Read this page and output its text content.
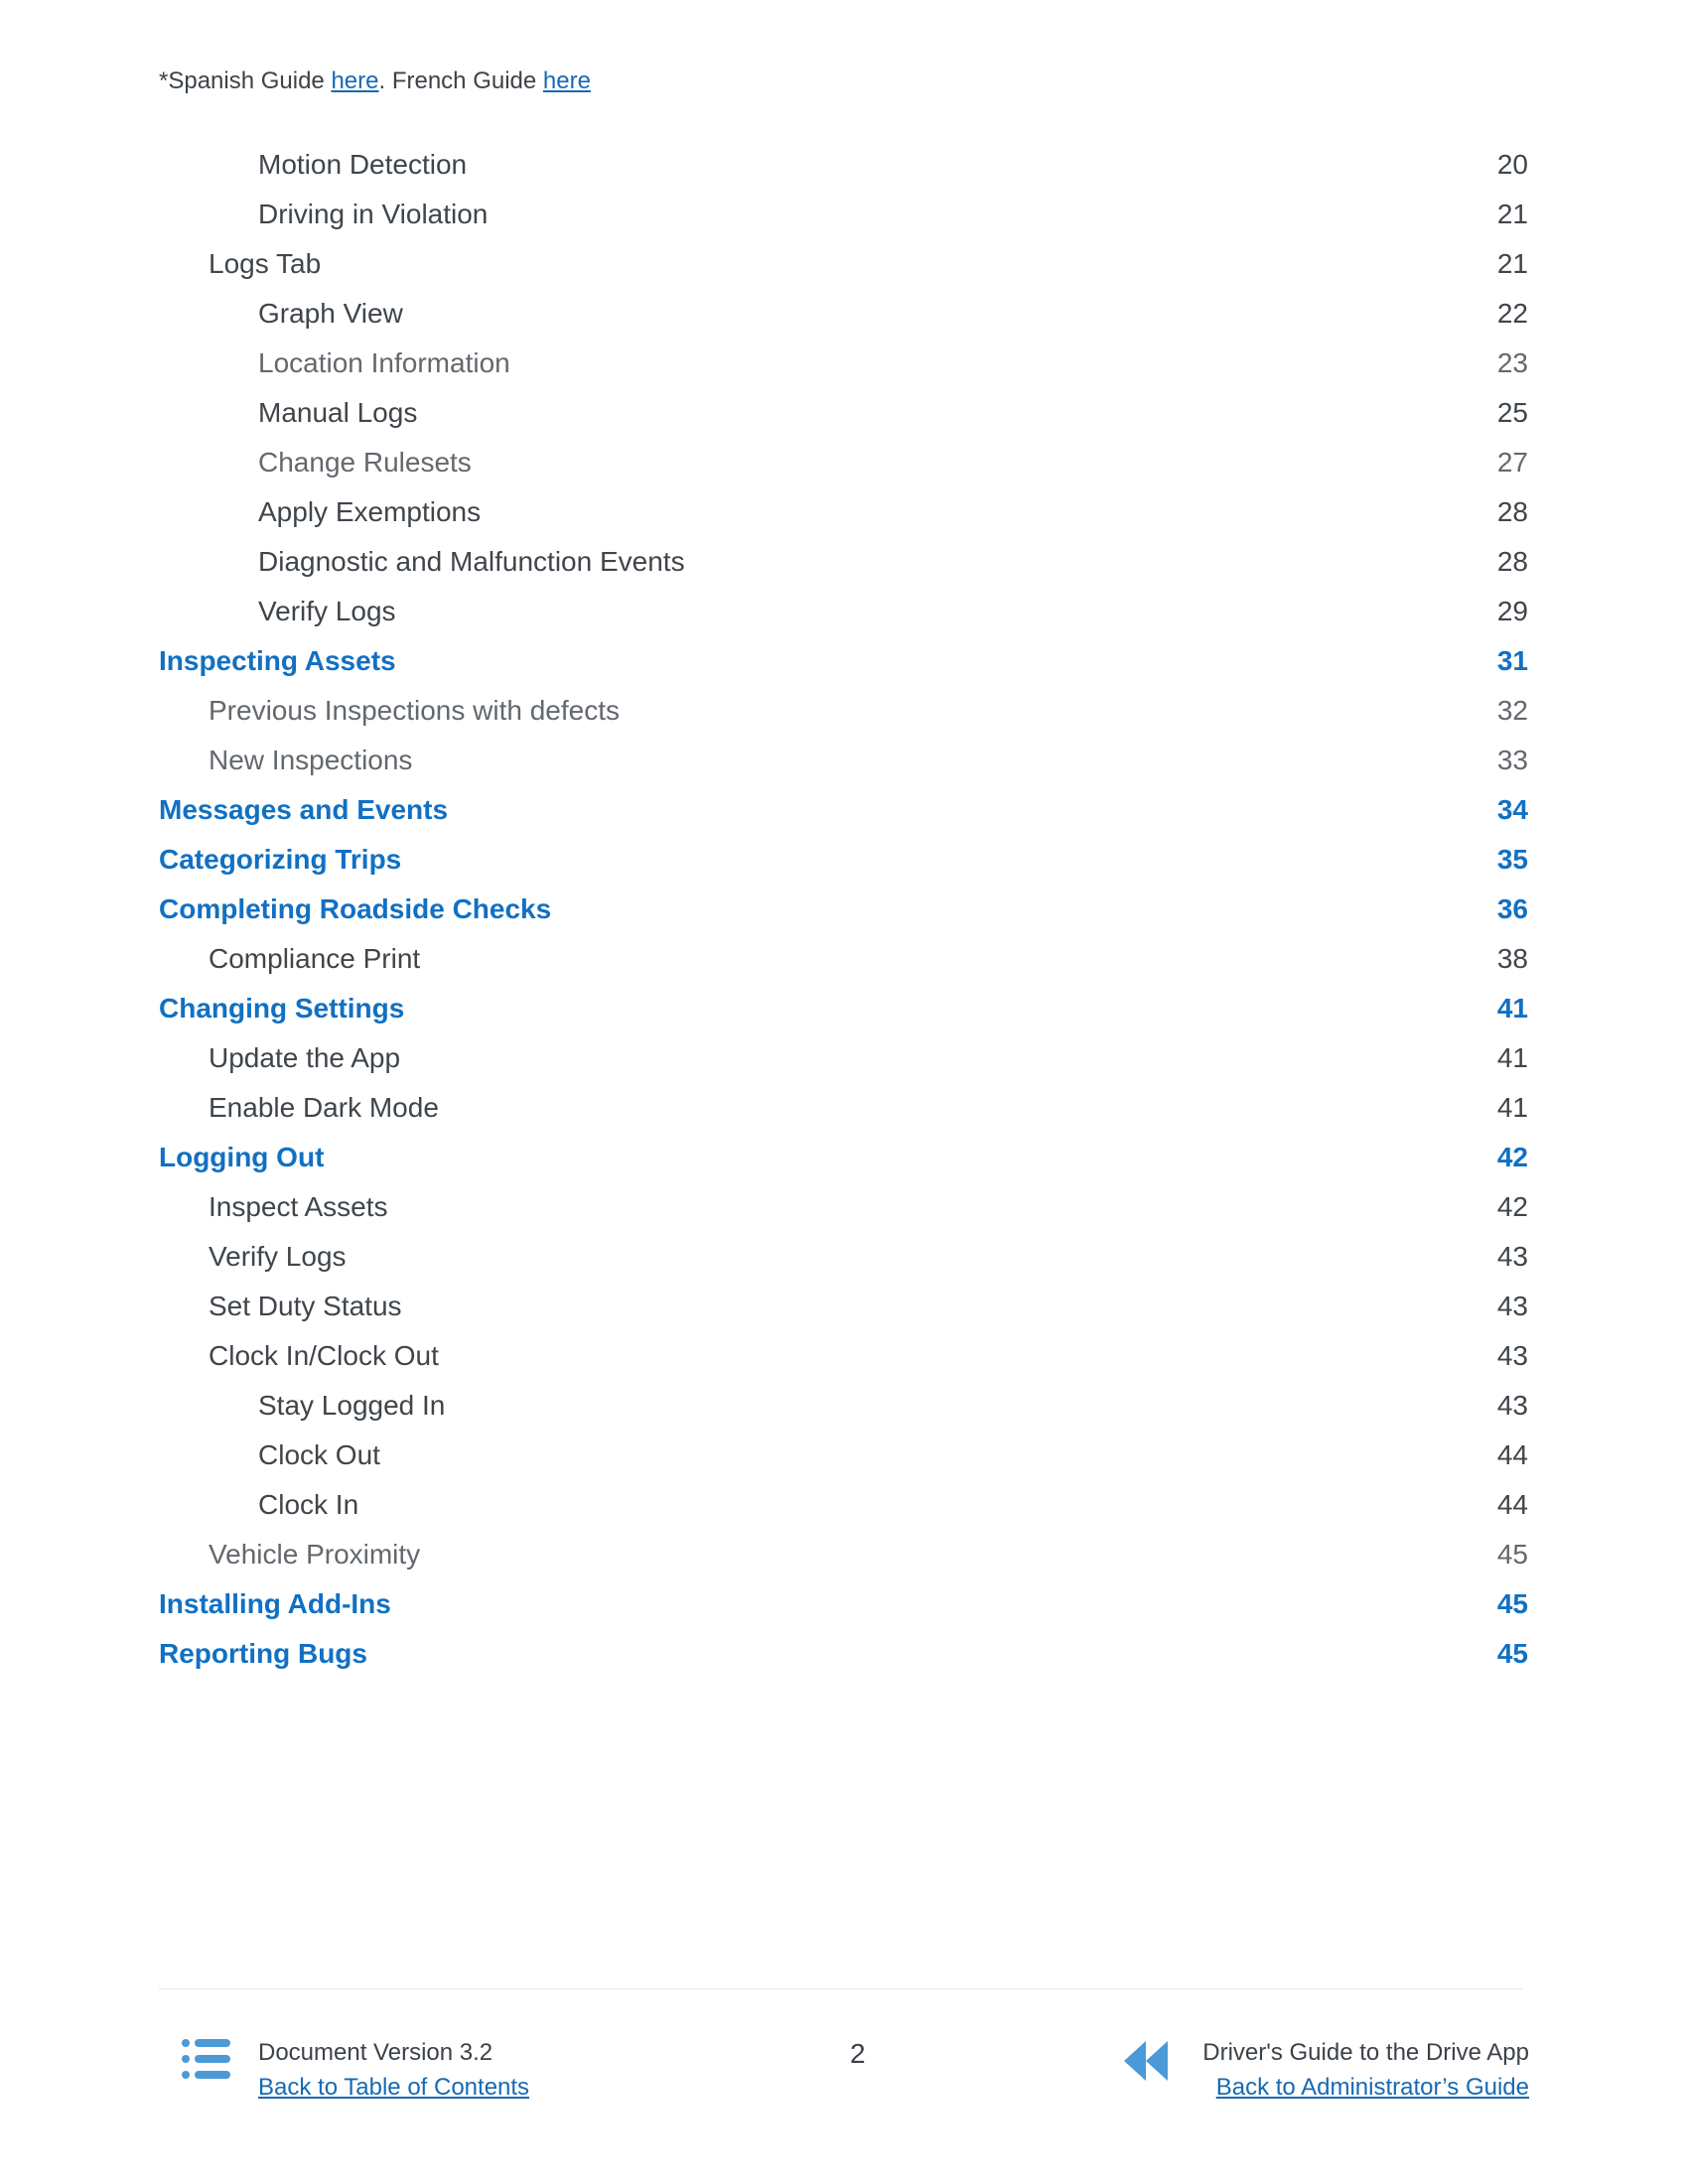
*Spanish Guide here. French Guide here
Motion Detection	20
Driving in Violation	21
Logs Tab	21
Graph View	22
Location Information	23
Manual Logs	25
Change Rulesets	27
Apply Exemptions	28
Diagnostic and Malfunction Events	28
Verify Logs	29
Inspecting Assets	31
Previous Inspections with defects	32
New Inspections	33
Messages and Events	34
Categorizing Trips	35
Completing Roadside Checks	36
Compliance Print	38
Changing Settings	41
Update the App	41
Enable Dark Mode	41
Logging Out	42
Inspect Assets	42
Verify Logs	43
Set Duty Status	43
Clock In/Clock Out	43
Stay Logged In	43
Clock Out	44
Clock In	44
Vehicle Proximity	45
Installing Add-Ins	45
Reporting Bugs	45
Document Version 3.2
Back to Table of Contents
2	Driver's Guide to the Drive App
Back to Administrator’s Guide
